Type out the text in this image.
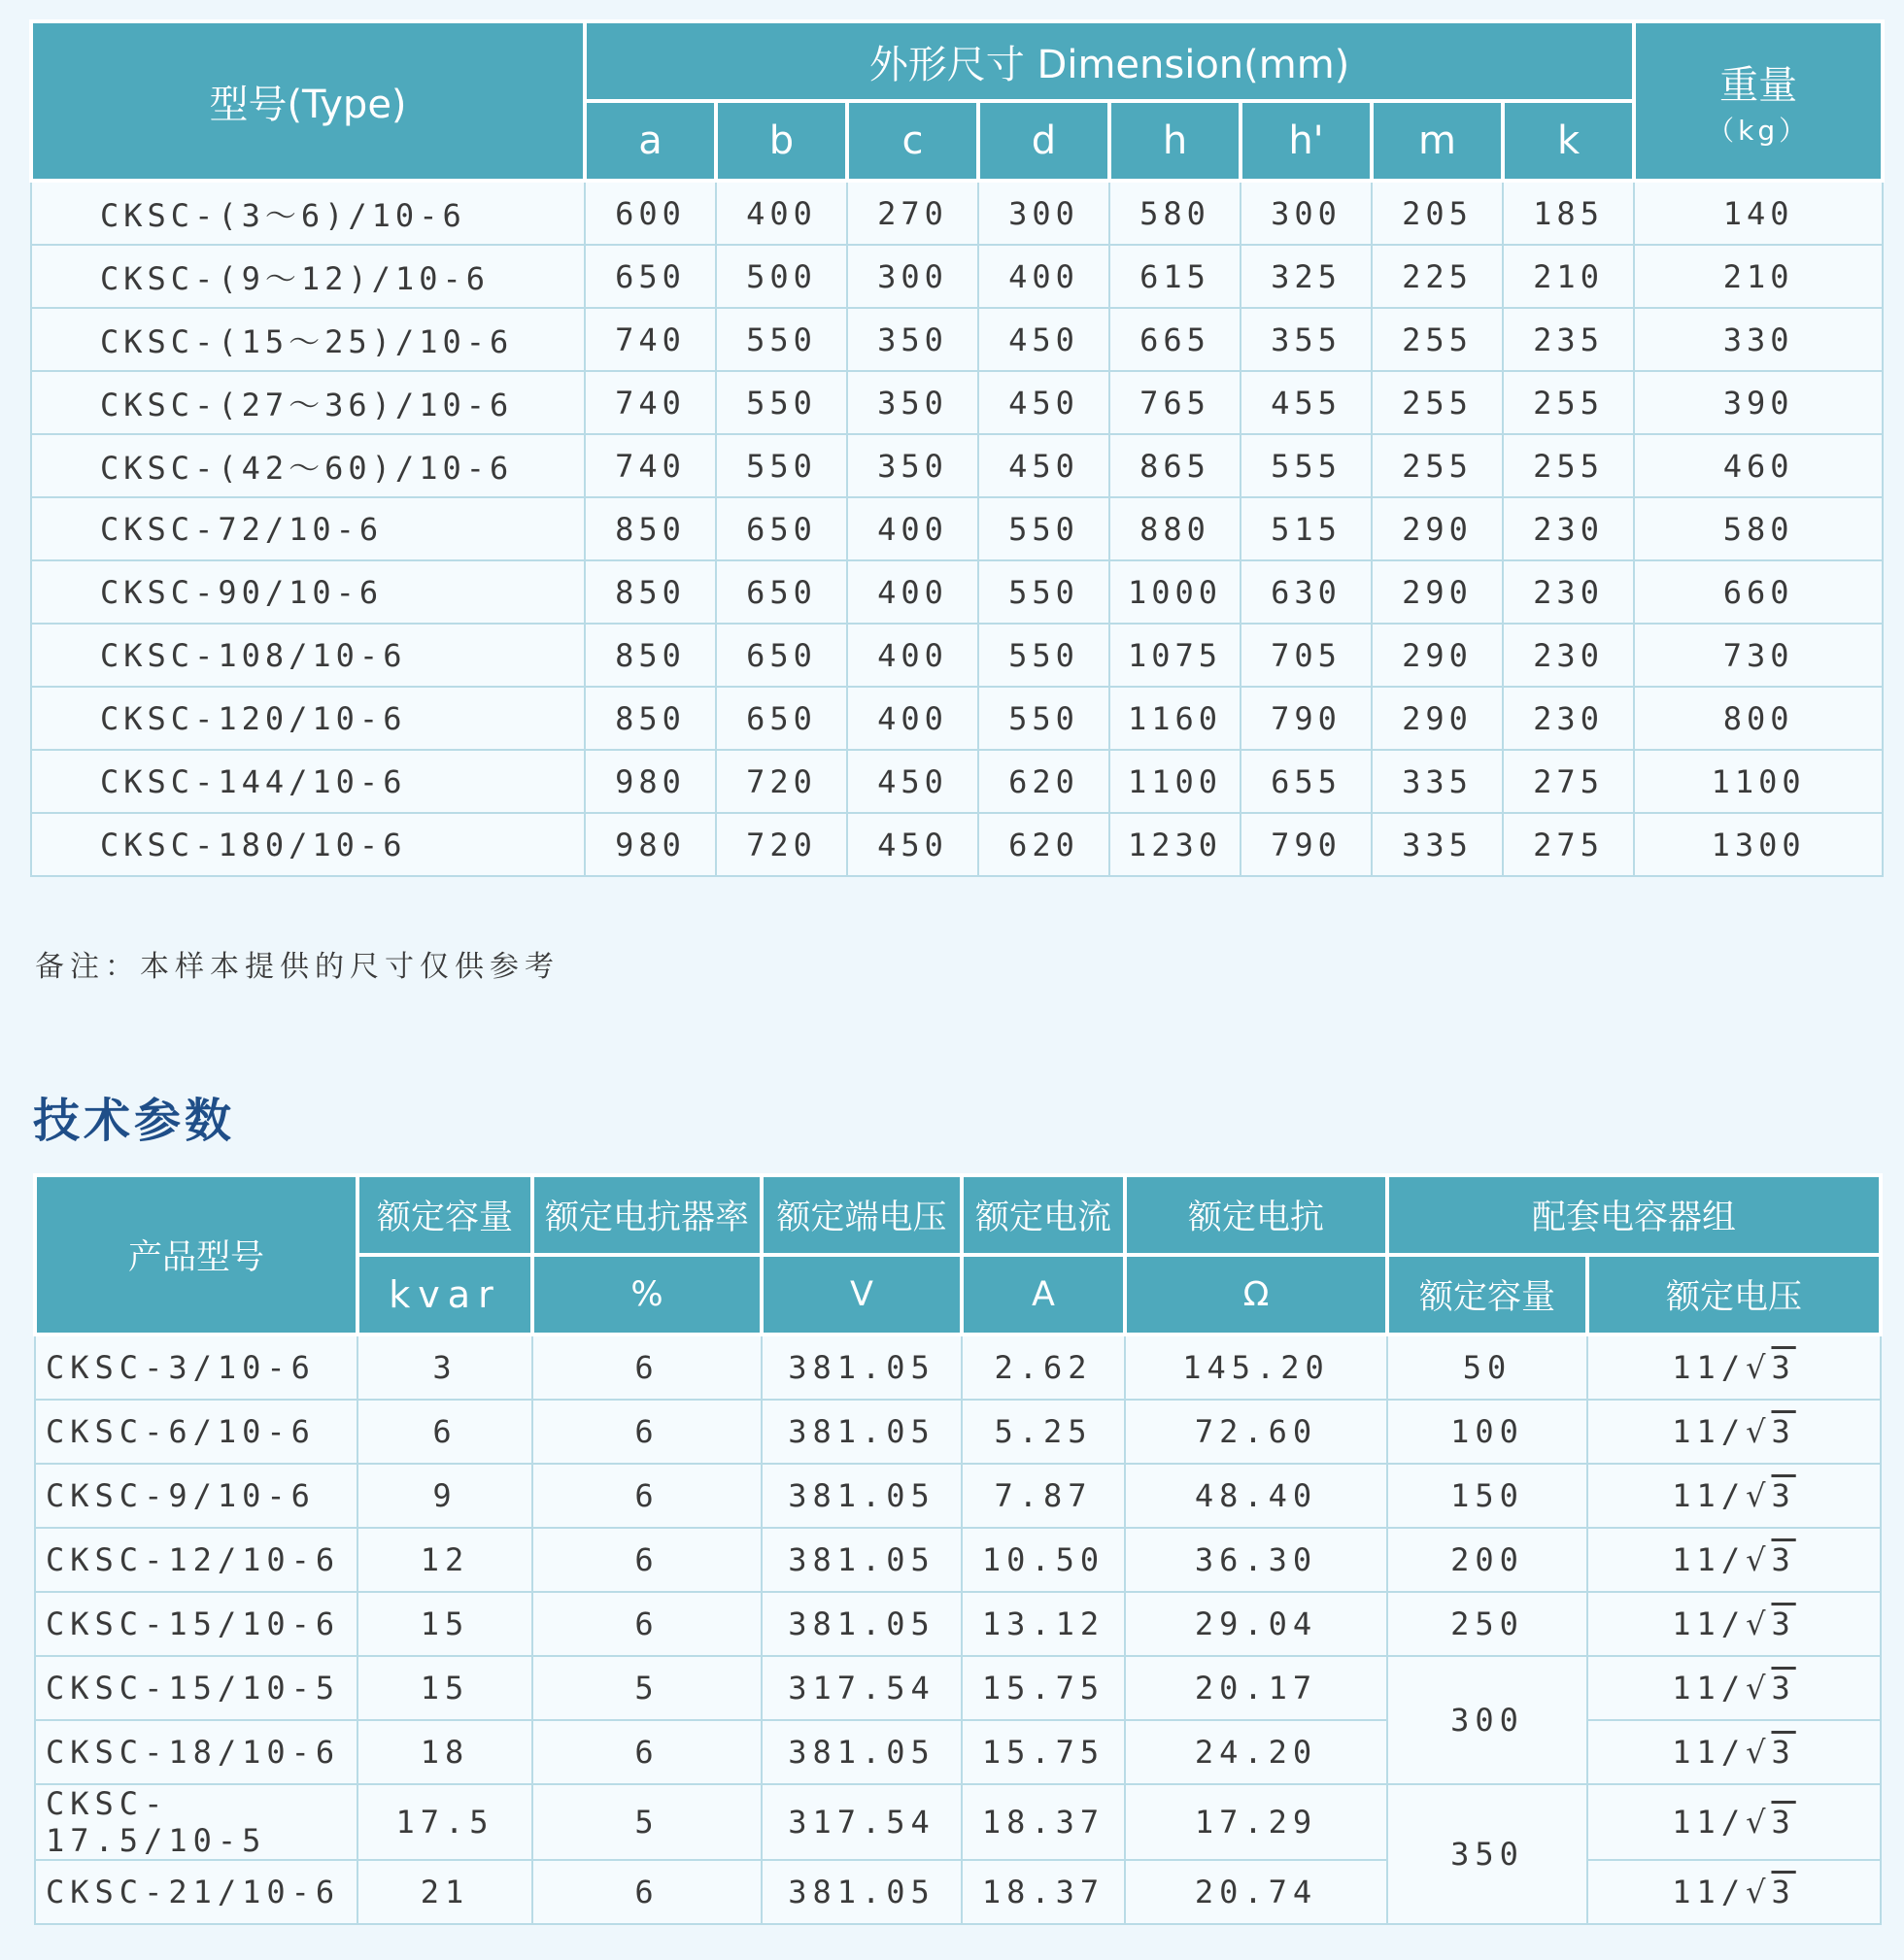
型号(Type)	外形尺寸 Dimension(mm)								重量
（kg）

	a	b	c	d	h	h'	m	k	
CKSC-(3～6)/10-6	600	400	270	300	580	300	205	185	140
CKSC-(9～12)/10-6	650	500	300	400	615	325	225	210	210
CKSC-(15～25)/10-6	740	550	350	450	665	355	255	235	330
CKSC-(27～36)/10-6	740	550	350	450	765	455	255	255	390
CKSC-(42～60)/10-6	740	550	350	450	865	555	255	255	460
CKSC-72/10-6	850	650	400	550	880	515	290	230	580
CKSC-90/10-6	850	650	400	550	1000	630	290	230	660
CKSC-108/10-6	850	650	400	550	1075	705	290	230	730
CKSC-120/10-6	850	650	400	550	1160	790	290	230	800
CKSC-144/10-6	980	720	450	620	1100	655	335	275	1100
CKSC-180/10-6	980	720	450	620	1230	790	335	275	1300
备注：本样本提供的尺寸仅供参考
技术参数
产品型号	额定容量	额定电抗器率	额定端电压	额定电流	额定电抗	配套电容器组	
	kvar	%	V	A	Ω	额定容量	额定电压
CKSC-3/10-6	3	6	381.05	2.62	145.20	50	11/√3
CKSC-6/10-6	6	6	381.05	5.25	72.60	100	11/√3
CKSC-9/10-6	9	6	381.05	7.87	48.40	150	11/√3
CKSC-12/10-6	12	6	381.05	10.50	36.30	200	11/√3
CKSC-15/10-6	15	6	381.05	13.12	29.04	250	11/√3
CKSC-15/10-5	15	5	317.54	15.75	20.17	300	11/√3
CKSC-18/10-6	18	6	381.05	15.75	24.20		11/√3
CKSC-17.5/10-5	17.5	5	317.54	18.37	17.29	350	11/√3
CKSC-21/10-6	21	6	381.05	18.37	20.74		11/√3
